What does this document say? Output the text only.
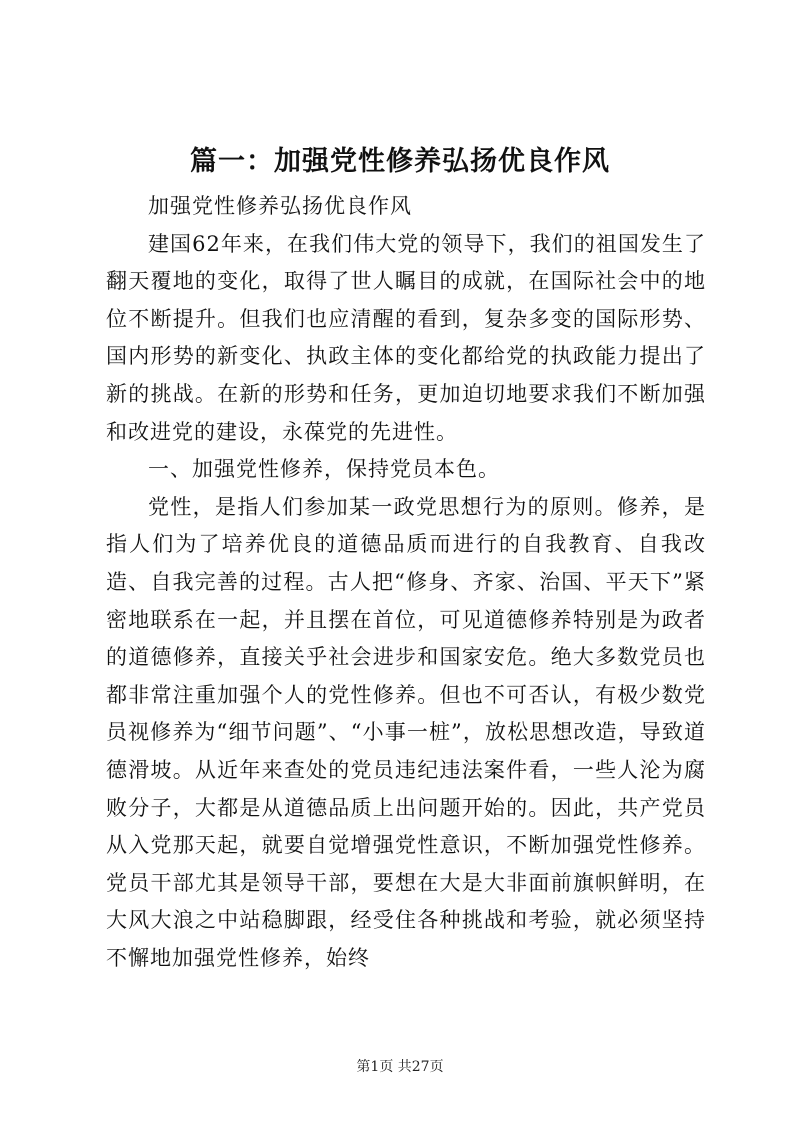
篇一：加强党性修养弘扬优良作风

加强党性修养弘扬优良作风

建国62年来，在我们伟大党的领导下，我们的祖国发生了翻天覆地的变化，取得了世人瞩目的成就，在国际社会中的地位不断提升。但我们也应清醒的看到，复杂多变的国际形势、国内形势的新变化、执政主体的变化都给党的执政能力提出了新的挑战。在新的形势和任务，更加迫切地要求我们不断加强和改进党的建设，永葆党的先进性。

一、加强党性修养，保持党员本色。

党性，是指人们参加某一政党思想行为的原则。修养，是指人们为了培养优良的道德品质而进行的自我教育、自我改造、自我完善的过程。古人把“修身、齐家、治国、平天下”紧密地联系在一起，并且摆在首位，可见道德修养特别是为政者的道德修养，直接关乎社会进步和国家安危。绝大多数党员也都非常注重加强个人的党性修养。但也不可否认，有极少数党员视修养为“细节问题”、“小事一桩”，放松思想改造，导致道德滑坡。从近年来查处的党员违纪违法案件看，一些人沦为腐败分子，大都是从道德品质上出问题开始的。因此，共产党员从入党那天起，就要自觉增强党性意识，不断加强党性修养。党员干部尤其是领导干部，要想在大是大非面前旗帜鲜明，在大风大浪之中站稳脚跟，经受住各种挑战和考验，就必须坚持不懈地加强党性修养，始终

第1页 共27页
